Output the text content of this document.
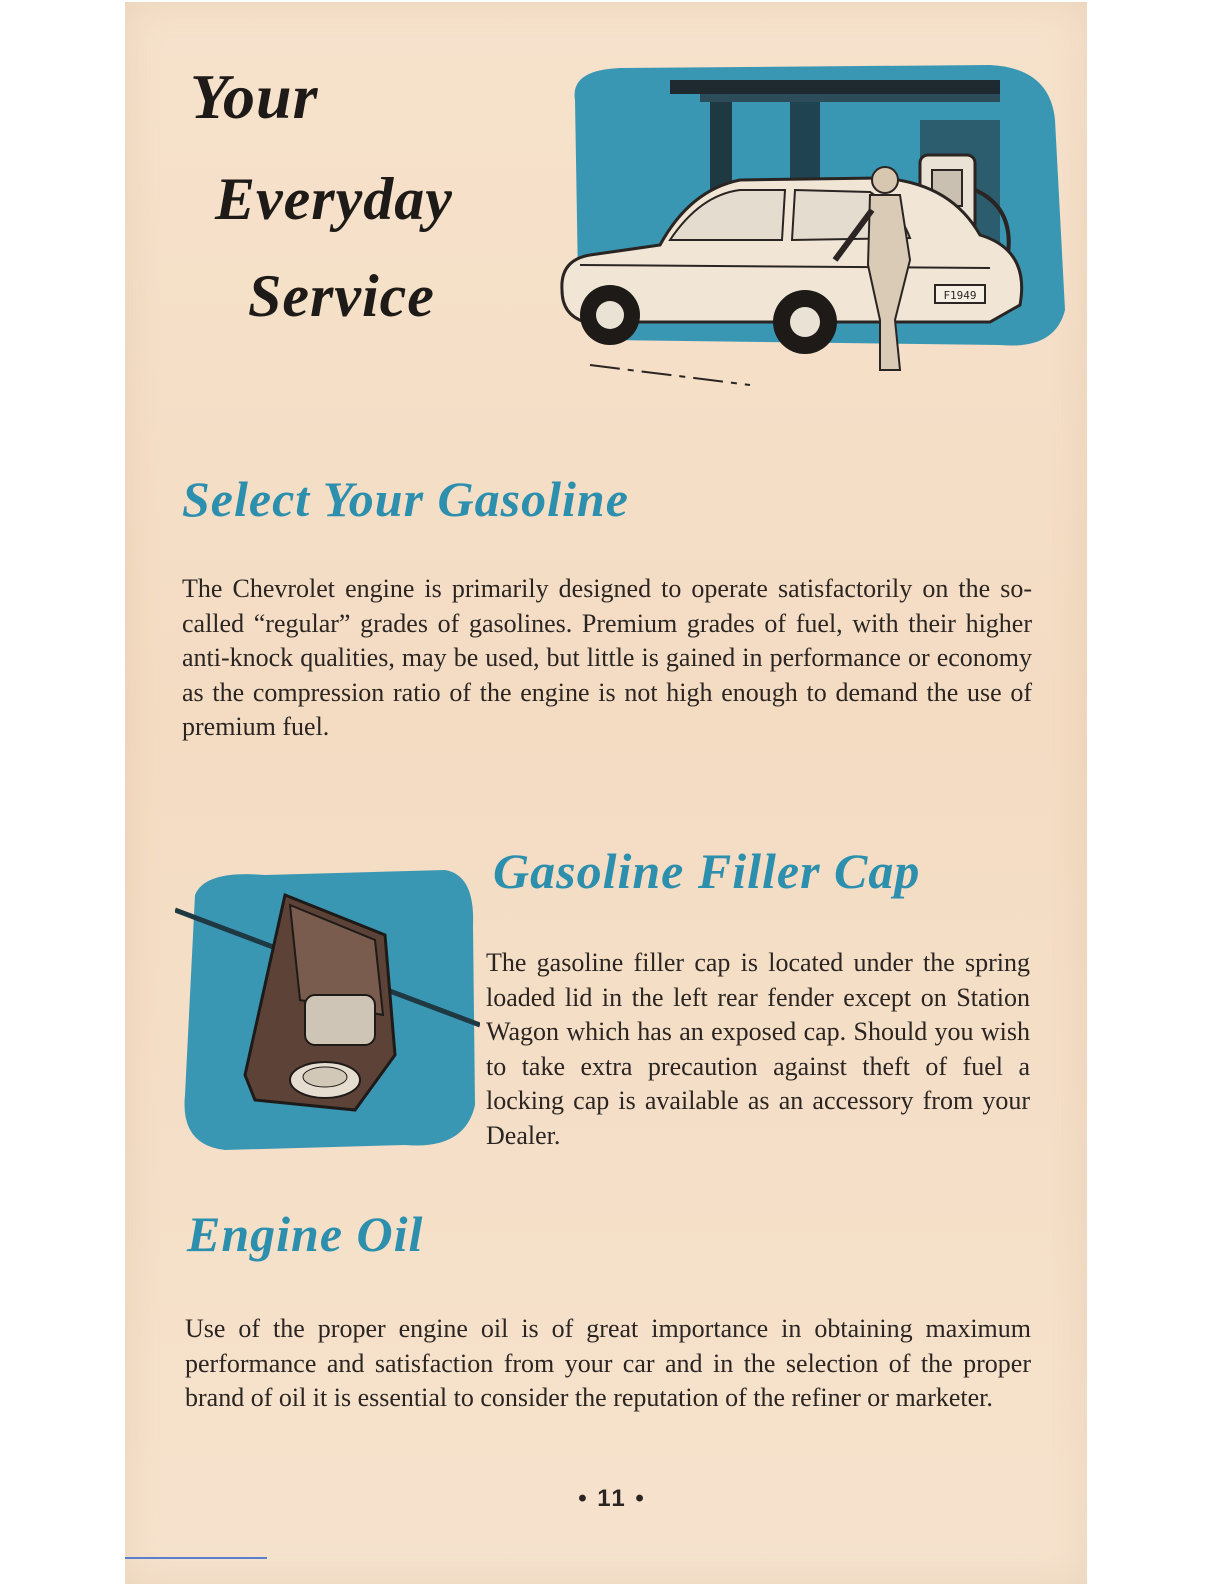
Your
Everyday
Service	F1949
Select Your Gasoline
The Chevrolet engine is primarily designed to operate satisfactorily on the so-called “regular” grades of gasolines. Premium grades of fuel, with their higher anti-knock qualities, may be used, but little is gained in performance or economy as the compression ratio of the engine is not high enough to demand the use of premium fuel.
Gasoline Filler Cap
The gasoline filler cap is located under the spring loaded lid in the left rear fender except on Station Wagon which has an exposed cap. Should you wish to take extra precaution against theft of fuel a locking cap is available as an accessory from your Dealer.
Engine Oil
Use of the proper engine oil is of great importance in obtaining maximum performance and satisfaction from your car and in the selection of the proper brand of oil it is essential to consider the reputation of the refiner or marketer.
• 11 •
